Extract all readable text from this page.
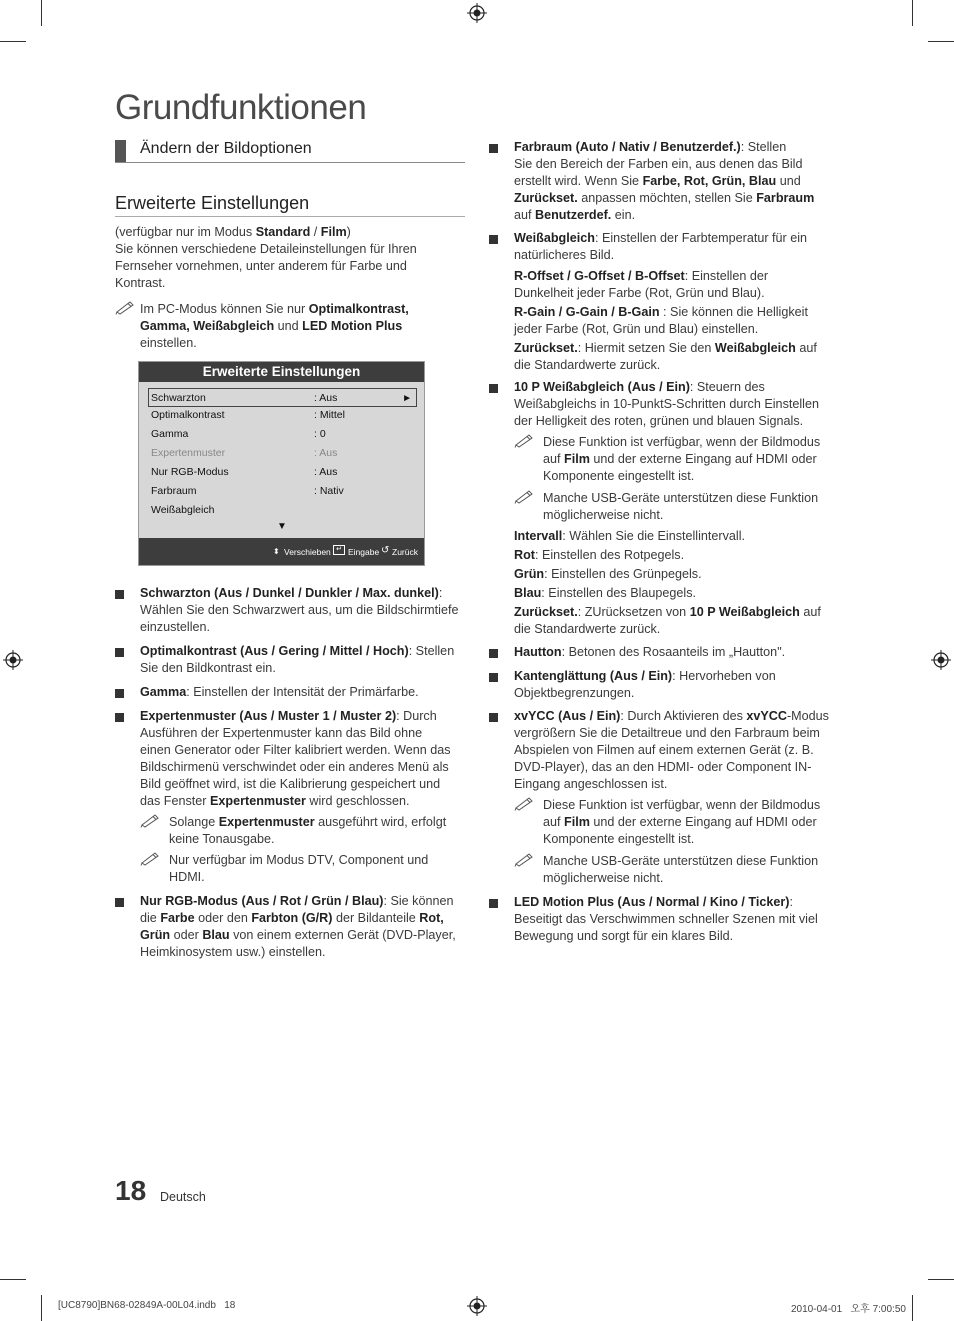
Grundfunktionen
Ändern der Bildoptionen
Erweiterte Einstellungen
(verfügbar nur im Modus Standard / Film)
Sie können verschiedene Detaileinstellungen für Ihren
Fernseher vornehmen, unter anderem für Farbe und
Kontrast.
Im PC-Modus können Sie nur Optimalkontrast,
Gamma, Weißabgleich und LED Motion Plus
einstellen.
Erweiterte Einstellungen
Schwarzton	: Aus	►
Optimalkontrast	: Mittel
Gamma	: 0
Expertenmuster	: Aus
Nur RGB-Modus	: Aus
Farbraum	: Nativ
Weißabgleich
▼
⬍ Verschieben ↵ Eingabe ↺ Zurück
Schwarzton (Aus / Dunkel / Dunkler / Max. dunkel):
Wählen Sie den Schwarzwert aus, um die Bildschirmtiefe
einzustellen.
Optimalkontrast (Aus / Gering / Mittel / Hoch): Stellen
Sie den Bildkontrast ein.
Gamma: Einstellen der Intensität der Primärfarbe.
Expertenmuster (Aus / Muster 1 / Muster 2): Durch
Ausführen der Expertenmuster kann das Bild ohne
einen Generator oder Filter kalibriert werden. Wenn das
Bildschirmenü verschwindet oder ein anderes Menü als
Bild geöffnet wird, ist die Kalibrierung gespeichert und
das Fenster Expertenmuster wird geschlossen.
Solange Expertenmuster ausgeführt wird, erfolgt
keine Tonausgabe.
Nur verfügbar im Modus DTV, Component und
HDMI.
Nur RGB-Modus (Aus / Rot / Grün / Blau): Sie können
die Farbe oder den Farbton (G/R) der Bildanteile Rot,
Grün oder Blau von einem externen Gerät (DVD-Player,
Heimkinosystem usw.) einstellen.
Farbraum (Auto / Nativ / Benutzerdef.): Stellen
Sie den Bereich der Farben ein, aus denen das Bild
erstellt wird. Wenn Sie Farbe, Rot, Grün, Blau und
Zurückset. anpassen möchten, stellen Sie Farbraum
auf Benutzerdef. ein.
Weißabgleich: Einstellen der Farbtemperatur für ein
natürlicheres Bild.
R-Offset / G-Offset / B-Offset: Einstellen der
Dunkelheit jeder Farbe (Rot, Grün und Blau).
R-Gain / G-Gain / B-Gain : Sie können die Helligkeit
jeder Farbe (Rot, Grün und Blau) einstellen.
Zurückset.: Hiermit setzen Sie den Weißabgleich auf
die Standardwerte zurück.
10 P Weißabgleich (Aus / Ein): Steuern des
Weißabgleichs in 10-PunktS-Schritten durch Einstellen
der Helligkeit des roten, grünen und blauen Signals.
Diese Funktion ist verfügbar, wenn der Bildmodus
auf Film und der externe Eingang auf HDMI oder
Komponente eingestellt ist.
Manche USB-Geräte unterstützen diese Funktion
möglicherweise nicht.
Intervall: Wählen Sie die Einstellintervall.
Rot: Einstellen des Rotpegels.
Grün: Einstellen des Grünpegels.
Blau: Einstellen des Blaupegels.
Zurückset.: ZUrücksetzen von 10 P Weißabgleich auf
die Standardwerte zurück.
Hautton: Betonen des Rosaanteils im „Hautton".
Kantenglättung (Aus / Ein): Hervorheben von
Objektbegrenzungen.
xvYCC (Aus / Ein): Durch Aktivieren des xvYCC-Modus
vergrößern Sie die Detailtreue und den Farbraum beim
Abspielen von Filmen auf einem externen Gerät (z. B.
DVD-Player), das an den HDMI- oder Component IN-
Eingang angeschlossen ist.
Diese Funktion ist verfügbar, wenn der Bildmodus
auf Film und der externe Eingang auf HDMI oder
Komponente eingestellt ist.
Manche USB-Geräte unterstützen diese Funktion
möglicherweise nicht.
LED Motion Plus (Aus / Normal / Kino / Ticker):
Beseitigt das Verschwimmen schneller Szenen mit viel
Bewegung und sorgt für ein klares Bild.
18 Deutsch
[UC8790]BN68-02849A-00L04.indb   18	2010-04-01   오후 7:00:50
